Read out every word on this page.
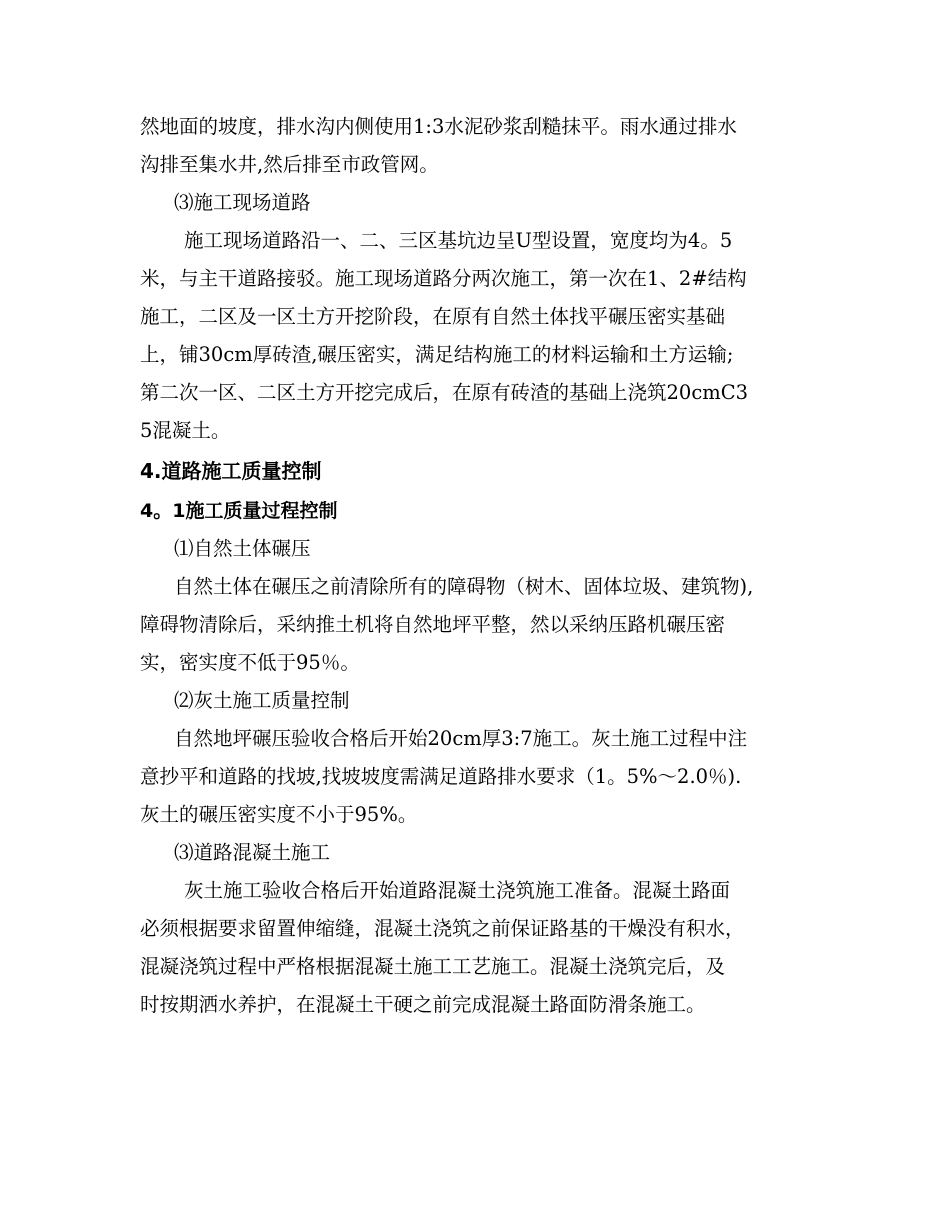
然地面的坡度，排水沟内侧使用1:3水泥砂浆刮糙抹平。雨水通过排水
沟排至集水井,然后排至市政管网。
⑶施工现场道路
施工现场道路沿一、二、三区基坑边呈U型设置，宽度均为4。5
米，与主干道路接驳。施工现场道路分两次施工，第一次在1、2#结构
施工，二区及一区土方开挖阶段，在原有自然土体找平碾压密实基础
上，铺30cm厚砖渣,碾压密实，满足结构施工的材料运输和土方运输;
第二次一区、二区土方开挖完成后，在原有砖渣的基础上浇筑20cmC3
5混凝土。
4.道路施工质量控制
4。1施工质量过程控制
⑴自然土体碾压
自然土体在碾压之前清除所有的障碍物（树木、固体垃圾、建筑物),
障碍物清除后，采纳推土机将自然地坪平整，然以采纳压路机碾压密
实，密实度不低于95％。
⑵灰土施工质量控制
自然地坪碾压验收合格后开始20cm厚3:7施工。灰土施工过程中注
意抄平和道路的找坡,找坡坡度需满足道路排水要求（1。5%～2.0％).
灰土的碾压密实度不小于95%。
⑶道路混凝土施工
灰土施工验收合格后开始道路混凝土浇筑施工准备。混凝土路面
必须根据要求留置伸缩缝，混凝土浇筑之前保证路基的干燥没有积水，
混凝浇筑过程中严格根据混凝土施工工艺施工。混凝土浇筑完后，及
时按期洒水养护，在混凝土干硬之前完成混凝土路面防滑条施工。
